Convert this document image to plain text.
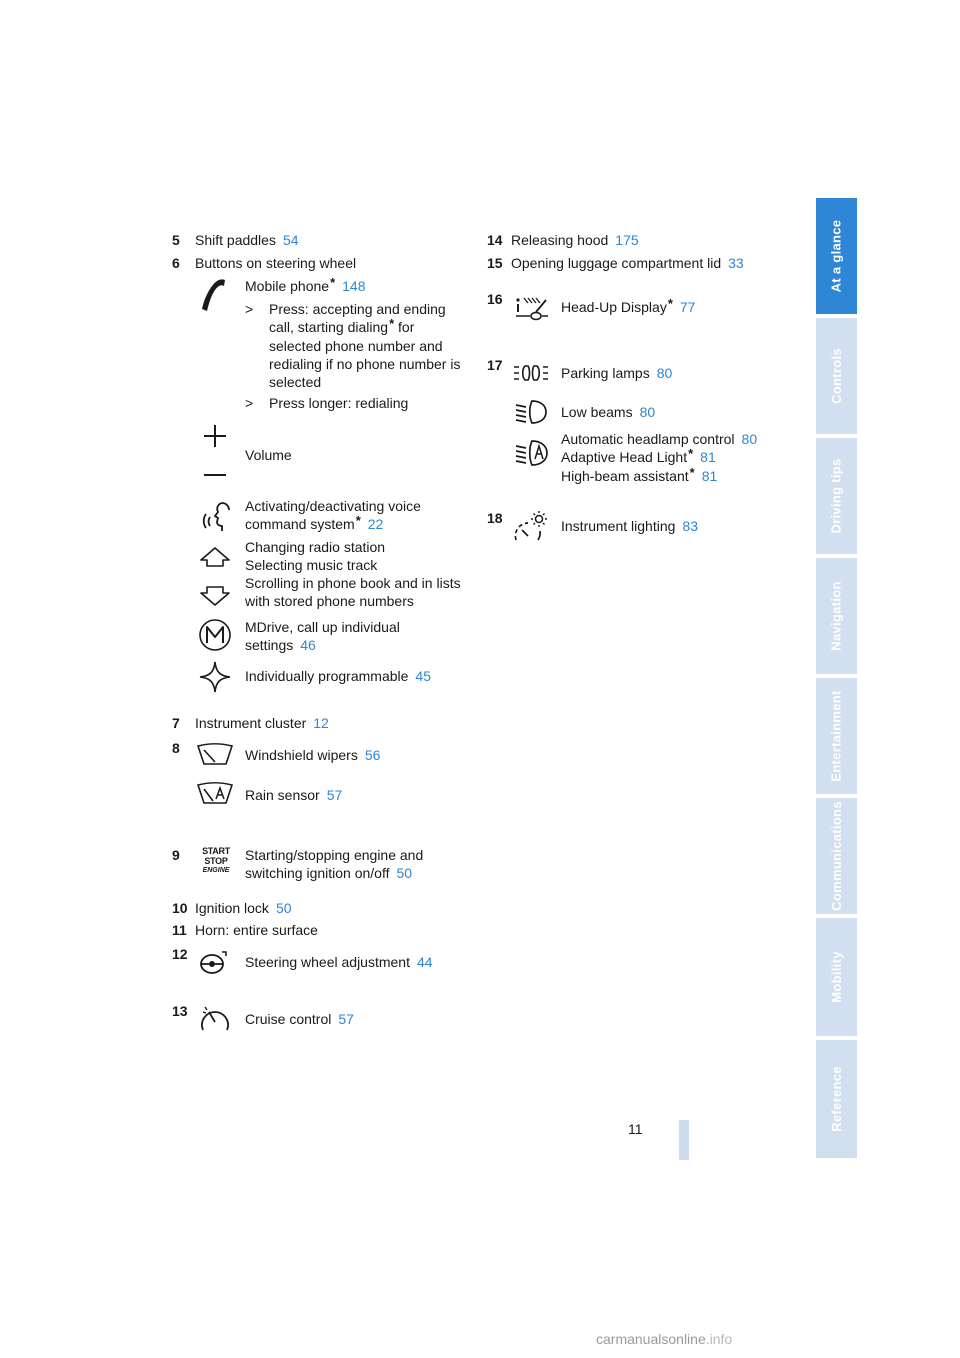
At a glance
Controls
Driving tips
Navigation
Entertainment
Communications
Mobility
Reference
5 Shift paddles 54
6 Buttons on steering wheel
Mobile phone* 148
> Press: accepting and ending
call, starting dialing* for
selected phone number and
redialing if no phone number is
selected
> Press longer: redialing
Volume
Activating/deactivating voice
command system* 22
Changing radio station
Selecting music track
Scrolling in phone book and in lists
with stored phone numbers
MDrive, call up individual
settings 46
Individually programmable 45
7 Instrument cluster 12
8	Windshield wipers 56
Rain sensor 57
9	START
STOP
ENGINE
Starting/stopping engine and
switching ignition on/off 50
10 Ignition lock 50
11 Horn: entire surface
12	Steering wheel adjustment 44
13	Cruise control 57
14 Releasing hood 175
15 Opening luggage compartment lid 33
16	Head-Up Display* 77
17	Parking lamps 80
Low beams 80
Automatic headlamp control 80
Adaptive Head Light* 81
High-beam assistant* 81
18	Instrument lighting 83
11
carmanualsonline.info
